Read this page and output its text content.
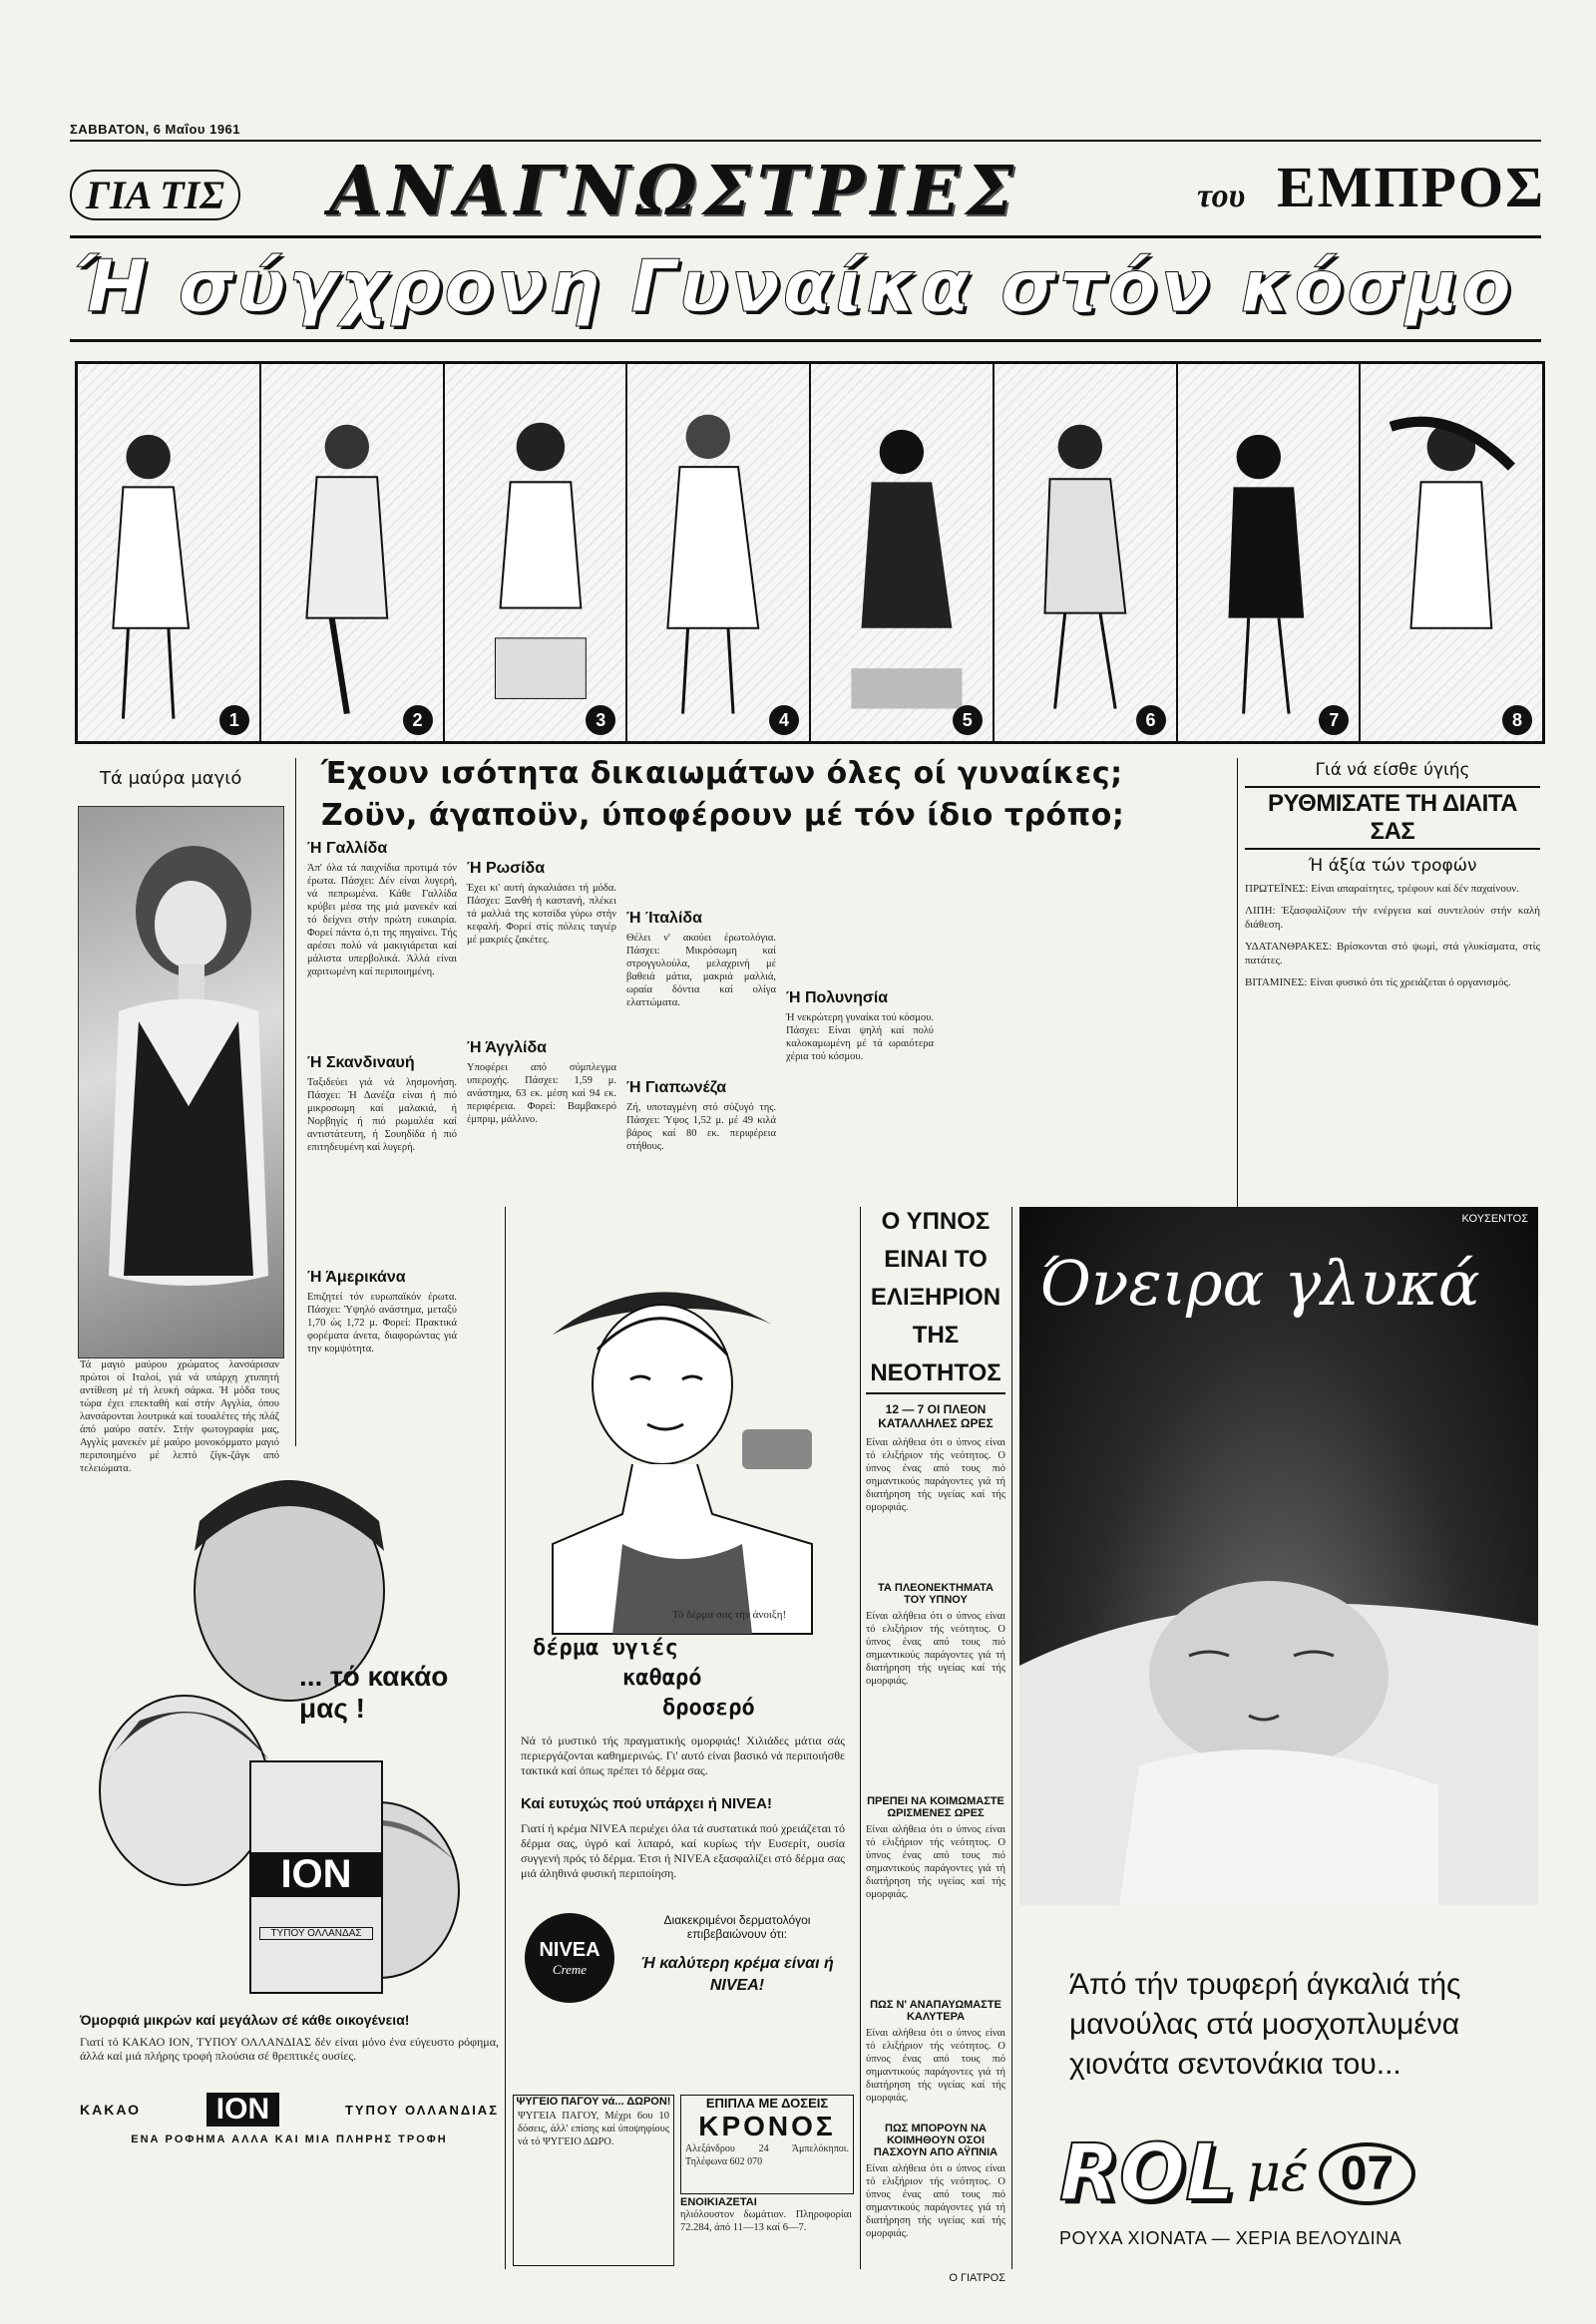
ΣΑΒΒΑΤΟΝ, 6 Μαΐου 1961
ΓΙΑ ΤΙΣ ΑΝΑΓΝΩΣΤΡΙΕΣ	του ΕΜΠΡΟΣ
Ή σύγχρονη Γυναίκα στόν κόσμο
1	2	3	4	5	6	7	8
Τά μαύρα μαγιό
Τά μαγιό μαύρου χρώματος λανσάρισαν πρώτοι οί Ιταλοί, γιά νά υπάρχη χτυπητή αντίθεση μέ τή λευκή σάρκα. Ή μόδα τους τώρα έχει επεκταθή καί στήν Αγγλία, όπου λανσάρονται λουτρικά καί τουαλέτες τής πλάζ άπό μαύρο σατέν. Στήν φωτογραφία μας, Αγγλίς μανεκέν μέ μαύρο μονοκόμματο μαγιό περιποιημένο μέ λεπτό ζίγκ-ζάγκ από τελειώματα.
Έχουν ισότητα δικαιωμάτων όλες οί γυναίκες;
Ζοϋν, άγαποϋν, ύποφέρουν μέ τόν ίδιο τρόπο;
Ή Γαλλίδα
Άπ' όλα τά παιχνίδια προτιμά τόν έρωτα. Πάσχει: Δέν είναι λυγερή, νά πεπρωμένα. Κάθε Γαλλίδα κρύβει μέσα της μιά μανεκέν καί τό δείχνει στήν πρώτη ευκαιρία. Φορεί πάντα ό,τι της πηγαίνει. Τής αρέσει πολύ νά μακιγιάρεται καί μάλιστα υπερβολικά. Άλλά είναι χαριτωμένη καί περιποιημένη.
Ή Σκανδιναυή
Ταξιδεύει γιά νά λησμονήση. Πάσχει: Ή Δανέζα είναι ή πιό μικροσωμη καί μαλακιά, ή Νορβηγίς ή πιό ρωμαλέα καί αντιστάτευτη, ή Σουηδίδα ή πιό επιτηδευμένη καί λυγερή.
Ή Άμερικάνα
Επιζητεί τόν ευρωπαϊκόν έρωτα. Πάσχει: Ύψηλό ανάστημα, μεταξύ 1,70 ώς 1,72 μ. Φορεί: Πρακτικά φορέματα άνετα, διαφορώντας γιά την κομψότητα.
Ή Ρωσίδα
Έχει κι' αυτή άγκαλιάσει τή μόδα. Πάσχει: Ξανθή ή καστανή, πλέκει τά μαλλιά της κοτσίδα γύρω στήν κεφαλή. Φορεί στίς πόλεις ταγιέρ μέ μακριές ζακέτες.
Ή Άγγλίδα
Υποφέρει από σύμπλεγμα υπεροχής. Πάσχει: 1,59 μ. ανάστημα, 63 εκ. μέση καί 94 εκ. περιφέρεια. Φορεί: Βαμβακερό έμπριμ, μάλλινο.
Ή Ίταλίδα
Θέλει ν' ακούει έρωτολόγια. Πάσχει: Μικρόσωμη καί στρογγυλούλα, μελαχρινή μέ βαθειά μάτια, μακριά μαλλιά, ωραία δόντια καί ολίγα ελαττώματα.
Ή Γιαπωνέζα
Ζή, υποταγμένη στό σύζυγό της. Πάσχει: Ύψος 1,52 μ. μέ 49 κιλά βάρος καί 80 εκ. περιφέρεια στήθους.
Ή Πολυνησία
Ή νεκρώτερη γυναίκα τού κόσμου. Πάσχει: Είναι ψηλή καί πολύ καλοκαμωμένη μέ τά ωραιότερα χέρια τού κόσμου.
Γιά νά είσθε ύγιής
ΡΥΘΜΙΣΑΤΕ ΤΗ ΔΙΑΙΤΑ ΣΑΣ
Ή άξία τών τροφών
ΠΡΩΤΕΪΝΕΣ: Είναι απαραίτητες, τρέφουν καί δέν παχαίνουν.
ΛΙΠΗ: Έξασφαλίζουν τήν ενέργεια καί συντελούν στήν καλή διάθεση.
ΥΔΑΤΑΝΘΡΑΚΕΣ: Βρίσκονται στό ψωμί, στά γλυκίσματα, στίς πατάτες.
ΒΙΤΑΜΙΝΕΣ: Είναι φυσικό ότι τίς χρειάζεται ό οργανισμός.
Ο ΥΠΝΟΣ ΕΙΝΑΙ ΤΟ ΕΛΙΞΗΡΙΟΝ ΤΗΣ ΝΕΟΤΗΤΟΣ
12 — 7 ΟΙ ΠΛΕΟΝ ΚΑΤΑΛΛΗΛΕΣ ΩΡΕΣ
Είναι αλήθεια ότι ο ύπνος είναι τό ελιξήριον τής νεότητος. Ο ύπνος ένας από τους πιό σημαντικούς παράγοντες γιά τή διατήρηση τής υγείας καί τής ομορφιάς.
ΤΑ ΠΛΕΟΝΕΚΤΗΜΑΤΑ ΤΟΥ ΥΠΝΟΥ
Είναι αλήθεια ότι ο ύπνος είναι τό ελιξήριον τής νεότητος. Ο ύπνος ένας από τους πιό σημαντικούς παράγοντες γιά τή διατήρηση τής υγείας καί τής ομορφιάς.
ΠΡΕΠΕΙ ΝΑ ΚΟΙΜΩΜΑΣΤΕ ΩΡΙΣΜΕΝΕΣ ΩΡΕΣ
Είναι αλήθεια ότι ο ύπνος είναι τό ελιξήριον τής νεότητος. Ο ύπνος ένας από τους πιό σημαντικούς παράγοντες γιά τή διατήρηση τής υγείας καί τής ομορφιάς.
ΠΩΣ Ν' ΑΝΑΠΑΥΩΜΑΣΤΕ ΚΑΛΥΤΕΡΑ
Είναι αλήθεια ότι ο ύπνος είναι τό ελιξήριον τής νεότητος. Ο ύπνος ένας από τους πιό σημαντικούς παράγοντες γιά τή διατήρηση τής υγείας καί τής ομορφιάς.
ΠΩΣ ΜΠΟΡΟΥΝ ΝΑ ΚΟΙΜΗΘΟΥΝ ΟΣΟΙ ΠΑΣΧΟΥΝ ΑΠΟ ΑΫΠΝΙΑ
Είναι αλήθεια ότι ο ύπνος είναι τό ελιξήριον τής νεότητος. Ο ύπνος ένας από τους πιό σημαντικούς παράγοντες γιά τή διατήρηση τής υγείας καί τής ομορφιάς.
Ο ΓΙΑΤΡΟΣ
Τό δέρμα σας τήν άνοιξη!
δέρμα υγιές
καθαρό
δροσερό
Νά τό μυστικό τής πραγματικής ομορφιάς! Χιλιάδες μάτια σάς περιεργάζονται καθημερινώς. Γι' αυτό είναι βασικό νά περιποιήσθε τακτικά καί όπως πρέπει τό δέρμα σας.
Καί ευτυχώς πού υπάρχει ή NIVEA!
Γιατί ή κρέμα NIVEA περιέχει όλα τά συστατικά πού χρειάζεται τό δέρμα σας, ύγρό καί λιπαρό, καί κυρίως τήν Ευσερίτ, ουσία συγγενή πρός τό δέρμα. Έτσι ή NIVEA εξασφαλίζει στό δέρμα σας μιά άληθινά φυσική περιποίηση.
NIVEA
Creme
Διακεκριμένοι δερματολόγοι επιβεβαιώνουν ότι:
Ή καλύτερη κρέμα είναι ή NIVEA!
ΨΥΓΕΙΟ ΠΑΓΟΥ νά... ΔΩΡΟΝ!
ΨΥΓΕΙΑ ΠΑΓΟΥ, Μέχρι 6ου 10 δόσεις, άλλ' επίσης καί ύποψηφίους νά τό ΨΥΓΕΙΟ ΔΩΡΟ.
ΕΠΙΠΛΑ ΜΕ ΔΟΣΕΙΣ
ΚΡΟΝΟΣ
Αλεξάνδρου 24 Άμπελόκηποι. Τηλέφωνα 602 070
ΕΝΟΙΚΙΑΖΕΤΑΙ
ηλιόλουστον δωμάτιον. Πληροφορίαι 72.284, άπό 11—13 καί 6—7.
... τό κακάο μας !
ΙΟΝ
ΤΥΠΟΥ ΟΛΛΑΝΔΑΣ
Όμορφιά μικρών καί μεγάλων σέ κάθε οικογένεια!
Γιατί τό ΚΑΚΑΟ ΙΟΝ, ΤΥΠΟΥ ΟΛΛΑΝΔΙΑΣ δέν είναι μόνο ένα εύγευστο ρόφημα, άλλά καί μιά πλήρης τροφή πλούσια σέ θρεπτικές ουσίες.
ΚΑΚΑΟ	ΙΟΝ	ΤΥΠΟΥ ΟΛΛΑΝΔΙΑΣ
ΕΝΑ ΡΟΦΗΜΑ ΑΛΛΑ ΚΑΙ ΜΙΑ ΠΛΗΡΗΣ ΤΡΟΦΗ
Όνειρα γλυκά
ΚΟΥΣΕΝΤΟΣ
Άπό τήν τρυφερή άγκαλιά τής μανούλας στά μοσχοπλυμένα χιονάτα σεντονάκια του...
ROL μέ 07
ΡΟΥΧΑ ΧΙΟΝΑΤΑ — ΧΕΡΙΑ ΒΕΛΟΥΔΙΝΑ
